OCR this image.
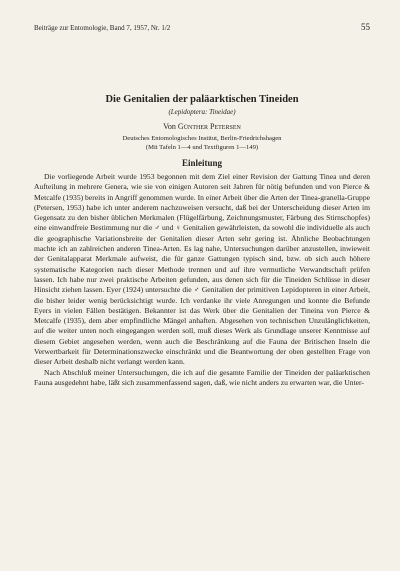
Beiträge zur Entomologie, Band 7, 1957, Nr. 1/2	55
Die Genitalien der paläarktischen Tineiden
(Lepidoptera: Tineidae)
Von Günther Petersen
Deutsches Entomologisches Institut, Berlin-Friedrichshagen
(Mit Tafeln 1—4 und Textfiguren 1—149)
Einleitung

Die vorliegende Arbeit wurde 1953 begonnen mit dem Ziel einer Revision der Gattung Tinea und deren Aufteilung in mehrere Genera, wie sie von einigen Autoren seit Jahren für nötig befunden und von Pierce & Metcalfe (1935) bereits in Angriff genommen wurde. In einer Arbeit über die Arten der Tinea-granella-Gruppe (Petersen, 1953) habe ich unter anderem nachzuweisen versucht, daß bei der Unterscheidung dieser Arten im Gegensatz zu den bisher üblichen Merkmalen (Flügelfärbung, Zeichnungsmuster, Färbung des Stirnschopfes) eine einwandfreie Bestimmung nur die ♂ und ♀ Genitalien gewährleisten, da sowohl die individuelle als auch die geographische Variationsbreite der Genitalien dieser Arten sehr gering ist. Ähnliche Beobachtungen machte ich an zahlreichen anderen Tinea-Arten. Es lag nahe, Untersuchungen darüber anzustellen, inwieweit der Genitalapparat Merkmale aufweist, die für ganze Gattungen typisch sind, bzw. ob sich auch höhere systematische Kategorien nach dieser Methode trennen und auf ihre vermutliche Verwandtschaft prüfen lassen. Ich habe nur zwei praktische Arbeiten gefunden, aus denen sich für die Tineiden Schlüsse in dieser Hinsicht ziehen lassen. Eyer (1924) untersuchte die ♂ Genitalien der primitiven Lepidopteren in einer Arbeit, die bisher leider wenig berücksichtigt wurde. Ich verdanke ihr viele Anregungen und konnte die Befunde Eyers in vielen Fällen bestätigen. Bekannter ist das Werk über die Genitalien der Tineina von Pierce & Metcalfe (1935), dem aber empfindliche Mängel anhaften. Abgesehen von technischen Unzulänglichkeiten, auf die weiter unten noch eingegangen werden soll, muß dieses Werk als Grundlage unserer Kenntnisse auf diesem Gebiet angesehen werden, wenn auch die Beschränkung auf die Fauna der Britischen Inseln die Verwertbarkeit für Determinationszwecke einschränkt und die Beantwortung der oben gestellten Frage von dieser Arbeit deshalb nicht verlangt werden kann.

Nach Abschluß meiner Untersuchungen, die ich auf die gesamte Familie der Tineiden der paläarktischen Fauna ausgedehnt habe, läßt sich zusammenfassend sagen, daß, wie nicht anders zu erwarten war, die Unter-
